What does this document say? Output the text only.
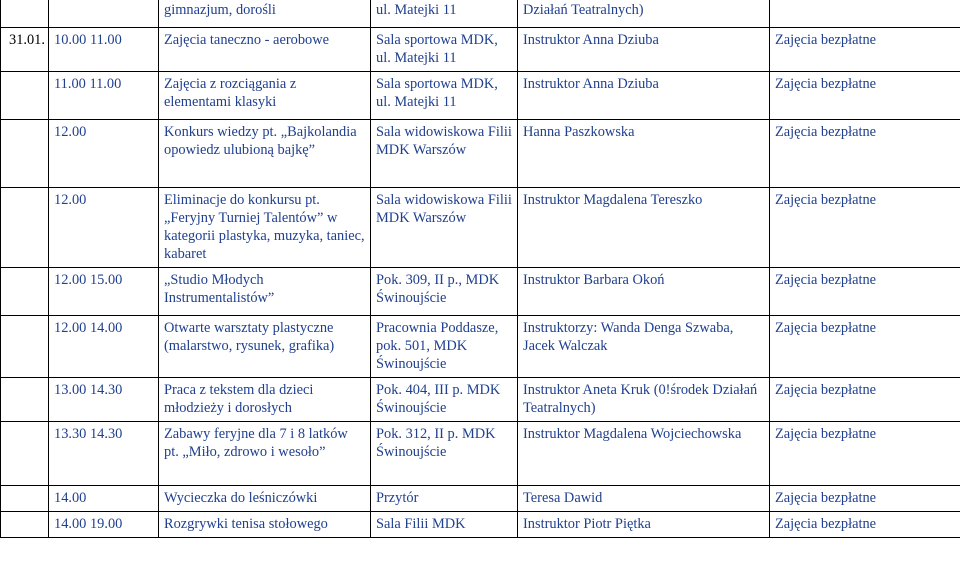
		gimnazjum, dorośli	ul. Matejki 11	Działań Teatralnych)	
31.01.	10.00 11.00	Zajęcia taneczno - aerobowe	Sala sportowa MDK, ul. Matejki 11	Instruktor Anna Dziuba	Zajęcia bezpłatne
	11.00 11.00	Zajęcia z rozciągania z elementami klasyki	Sala sportowa MDK, ul. Matejki 11	Instruktor Anna Dziuba	Zajęcia bezpłatne
	12.00	Konkurs wiedzy pt. „Bajkolandia opowiedz ulubioną bajkę”	Sala widowiskowa Filii MDK Warszów	Hanna Paszkowska	Zajęcia bezpłatne
	12.00	Eliminacje do konkursu pt. „Feryjny Turniej Talentów” w kategorii plastyka, muzyka, taniec, kabaret	Sala widowiskowa Filii MDK Warszów	Instruktor Magdalena Tereszko	Zajęcia bezpłatne
	12.00 15.00	„Studio Młodych Instrumentalistów”	Pok. 309, II p., MDK Świnoujście	Instruktor Barbara Okoń	Zajęcia bezpłatne
	12.00 14.00	Otwarte warsztaty plastyczne (malarstwo, rysunek, grafika)	Pracownia Poddasze, pok. 501, MDK Świnoujście	Instruktorzy: Wanda Denga Szwaba, Jacek Walczak	Zajęcia bezpłatne
	13.00 14.30	Praca z tekstem dla dzieci młodzieży i dorosłych	Pok. 404, III p. MDK Świnoujście	Instruktor Aneta Kruk (0!środek Działań Teatralnych)	Zajęcia bezpłatne
	13.30 14.30	Zabawy feryjne dla 7 i 8 latków pt. „Miło, zdrowo i wesoło”	Pok. 312, II p. MDK Świnoujście	Instruktor Magdalena Wojciechowska	Zajęcia bezpłatne
	14.00	Wycieczka do leśniczówki	Przytór	Teresa Dawid	Zajęcia bezpłatne
	14.00 19.00	Rozgrywki tenisa stołowego	Sala Filii MDK	Instruktor Piotr Piętka	Zajęcia bezpłatne
